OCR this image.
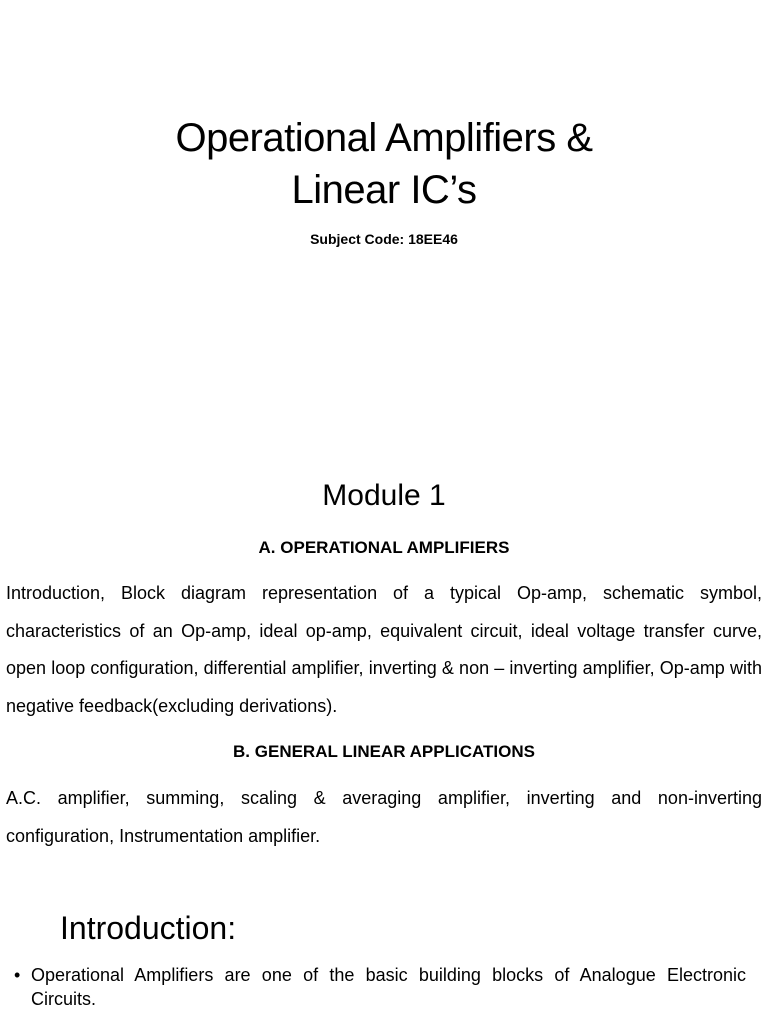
Operational Amplifiers &
Linear IC’s
Subject Code: 18EE46
Module 1
A. OPERATIONAL AMPLIFIERS
Introduction, Block diagram representation of a typical Op-amp, schematic symbol, characteristics of an Op-amp, ideal op-amp, equivalent circuit, ideal voltage transfer curve, open loop configuration, differential amplifier, inverting & non – inverting amplifier, Op-amp with negative feedback(excluding derivations).
B. GENERAL LINEAR APPLICATIONS
A.C. amplifier, summing, scaling & averaging amplifier, inverting and non-inverting configuration, Instrumentation amplifier.
Introduction:
• Operational Amplifiers are one of the basic building blocks of Analogue Electronic Circuits.
